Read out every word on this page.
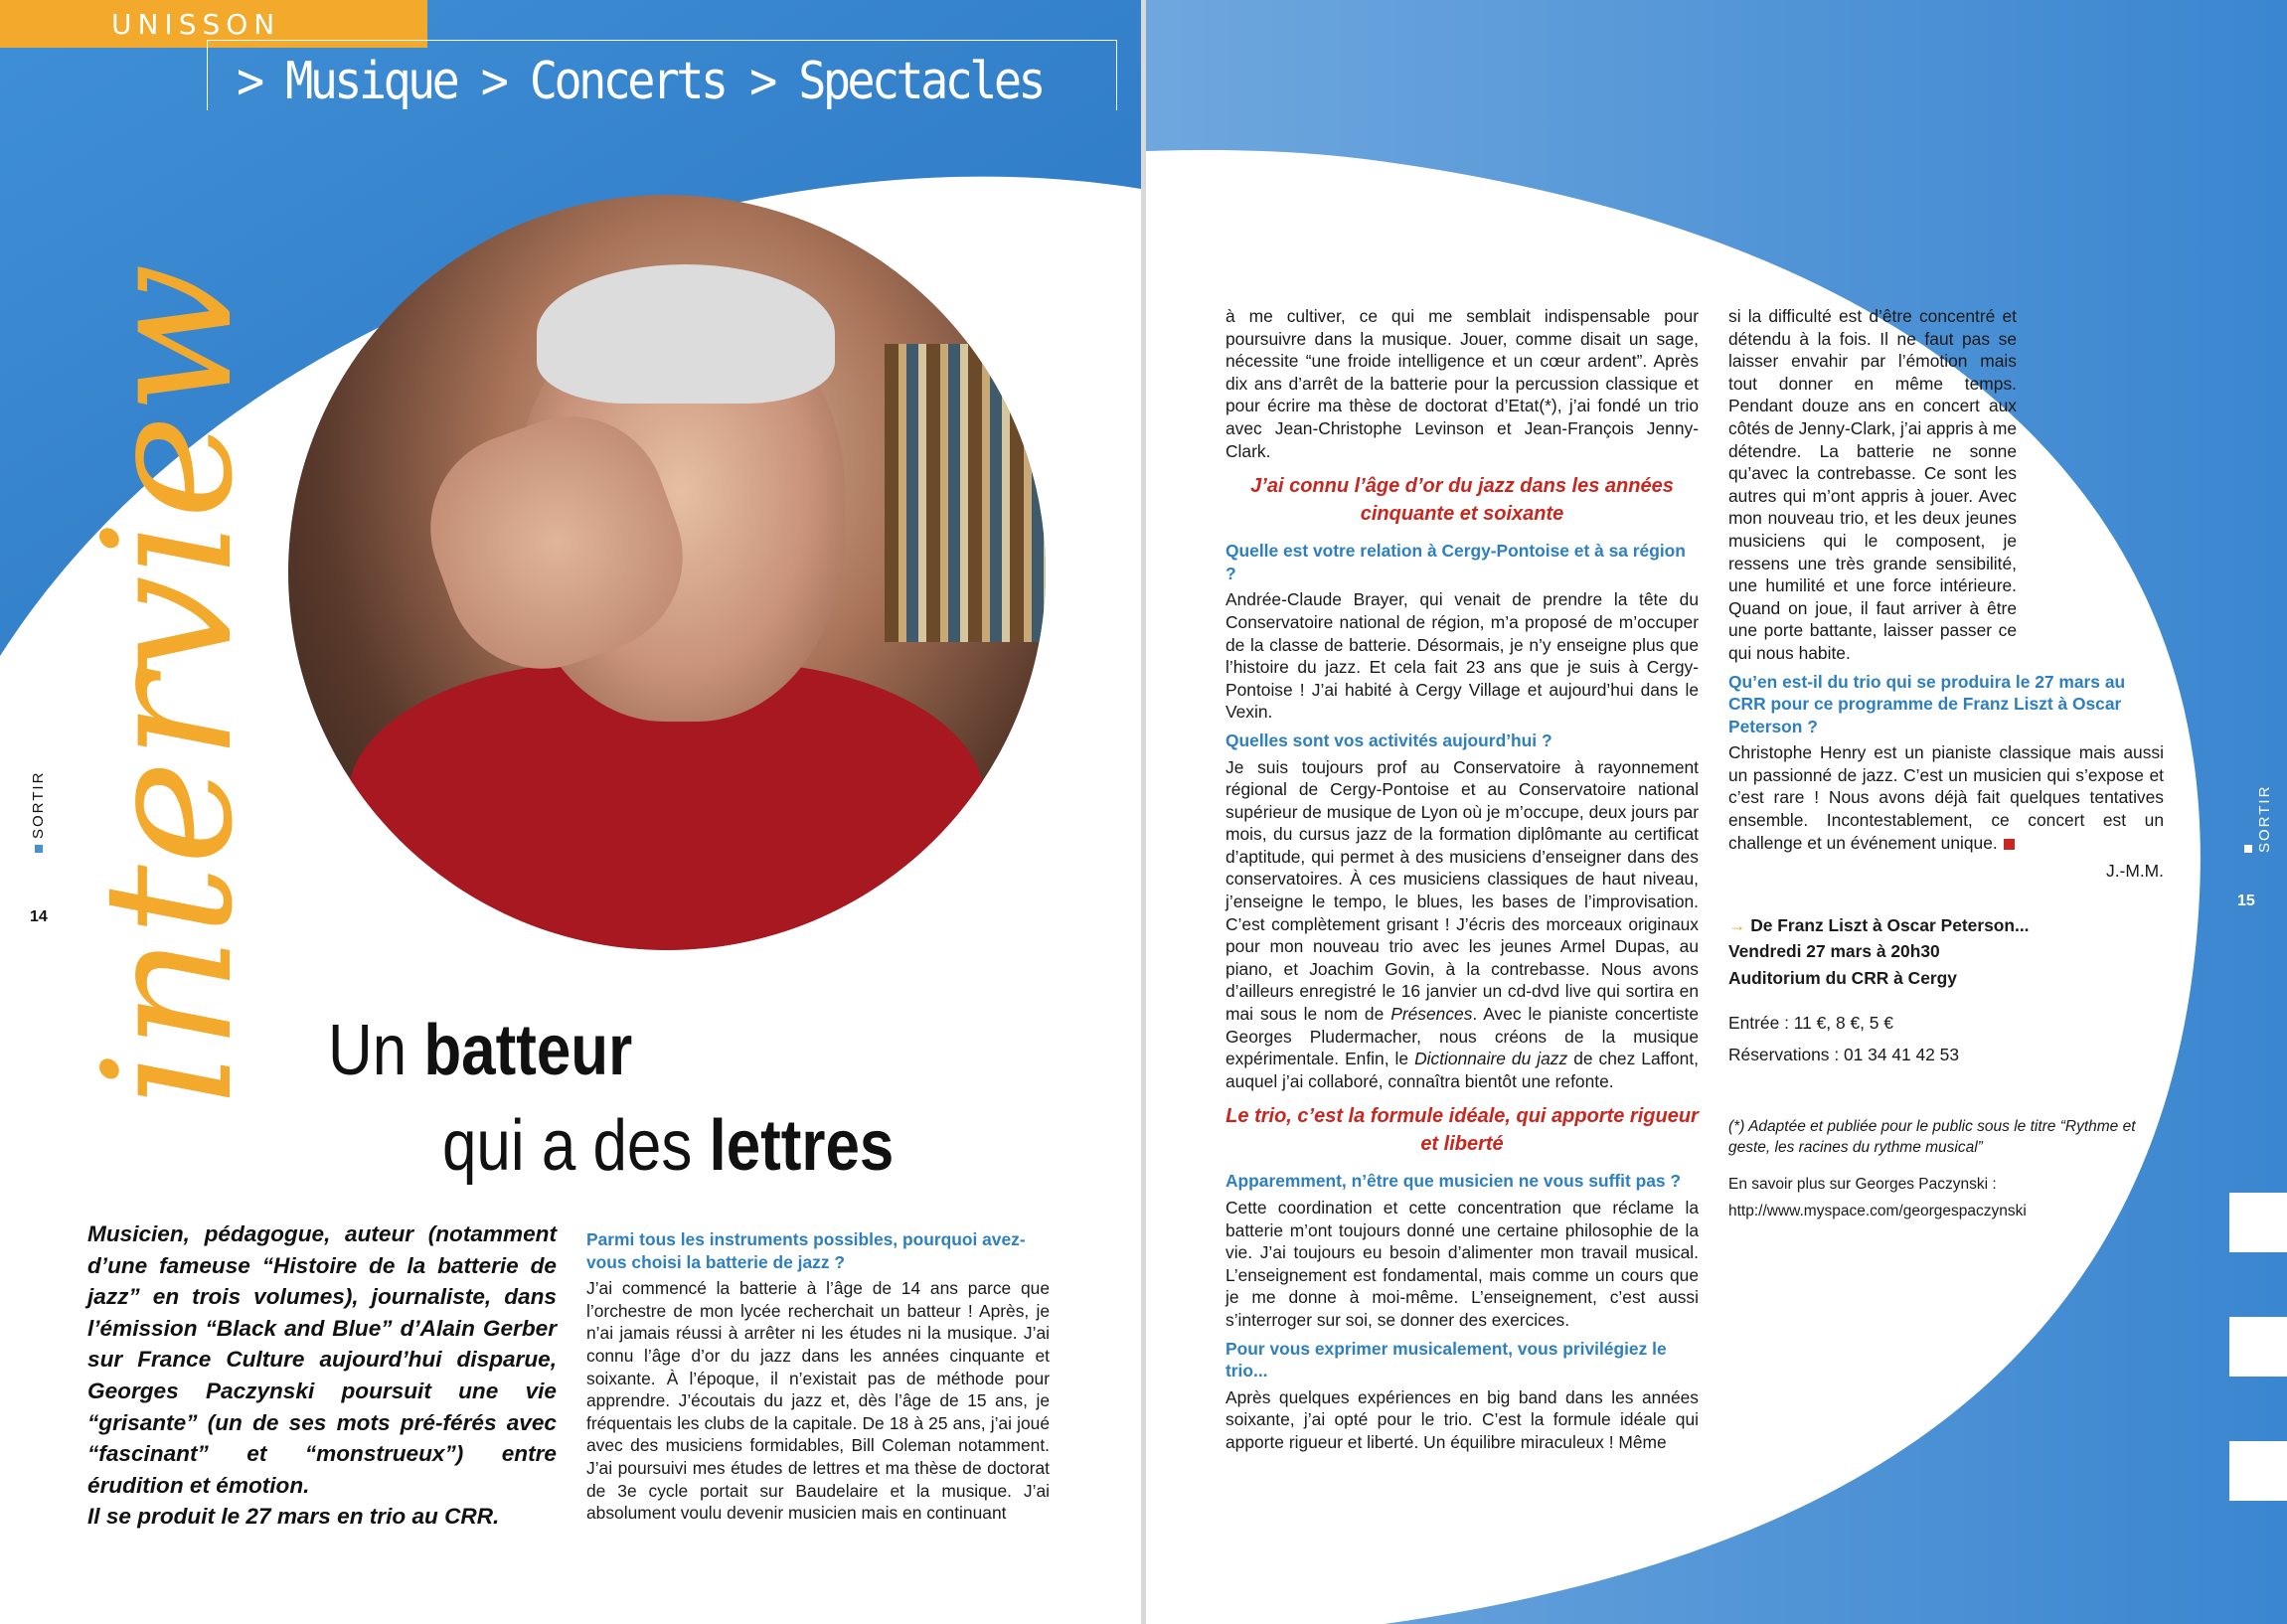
UNISSON
> Musique > Concerts > Spectacles
interview
SORTIR
14
Un batteur
qui a des lettres

Musicien, pédagogue, auteur (notamment d’une fameuse “Histoire de la batterie de jazz” en trois volumes), journaliste, dans l’émission “Black and Blue” d’Alain Gerber sur France Culture aujourd’hui disparue, Georges Paczynski poursuit une vie “grisante” (un de ses mots pré-férés avec “fascinant” et “monstrueux”) entre érudition et émotion.

Il se produit le 27 mars en trio au CRR.

Parmi tous les instruments possibles, pourquoi avez-vous choisi la batterie de jazz ?

J’ai commencé la batterie à l’âge de 14 ans parce que l’orchestre de mon lycée recherchait un batteur ! Après, je n’ai jamais réussi à arrêter ni les études ni la musique. J’ai connu l’âge d’or du jazz dans les années cinquante et soixante. À l’époque, il n’existait pas de méthode pour apprendre. J’écoutais du jazz et, dès l’âge de 15 ans, je fréquentais les clubs de la capitale. De 18 à 25 ans, j’ai joué avec des musiciens formidables, Bill Coleman notamment. J’ai poursuivi mes études de lettres et ma thèse de doctorat de 3e cycle portait sur Baudelaire et la musique. J’ai absolument voulu devenir musicien mais en continuant

SORTIR
15

à me cultiver, ce qui me semblait indispensable pour poursuivre dans la musique. Jouer, comme disait un sage, nécessite “une froide intelligence et un cœur ardent”. Après dix ans d’arrêt de la batterie pour la percussion classique et pour écrire ma thèse de doctorat d’Etat(*), j’ai fondé un trio avec Jean-Christophe Levinson et Jean-François Jenny-Clark.

J’ai connu l’âge d’or du jazz dans les années cinquante et soixante

Quelle est votre relation à Cergy-Pontoise et à sa région ?

Andrée-Claude Brayer, qui venait de prendre la tête du Conservatoire national de région, m’a proposé de m’occuper de la classe de batterie. Désormais, je n’y enseigne plus que l’histoire du jazz. Et cela fait 23 ans que je suis à Cergy-Pontoise ! J’ai habité à Cergy Village et aujourd’hui dans le Vexin.

Quelles sont vos activités aujourd’hui ?

Je suis toujours prof au Conservatoire à rayonnement régional de Cergy-Pontoise et au Conservatoire national supérieur de musique de Lyon où je m’occupe, deux jours par mois, du cursus jazz de la formation diplômante au certificat d’aptitude, qui permet à des musiciens d’enseigner dans des conservatoires. À ces musiciens classiques de haut niveau, j’enseigne le tempo, le blues, les bases de l’improvisation. C’est complètement grisant ! J’écris des morceaux originaux pour mon nouveau trio avec les jeunes Armel Dupas, au piano, et Joachim Govin, à la contrebasse. Nous avons d’ailleurs enregistré le 16 janvier un cd-dvd live qui sortira en mai sous le nom de Présences. Avec le pianiste concertiste Georges Pludermacher, nous créons de la musique expérimentale. Enfin, le Dictionnaire du jazz de chez Laffont, auquel j’ai collaboré, connaîtra bientôt une refonte.

Le trio, c’est la formule idéale, qui apporte rigueur et liberté

Apparemment, n’être que musicien ne vous suffit pas ?

Cette coordination et cette concentration que réclame la batterie m’ont toujours donné une certaine philosophie de la vie. J’ai toujours eu besoin d’alimenter mon travail musical. L’enseignement est fondamental, mais comme un cours que je me donne à moi-même. L’enseignement, c’est aussi s’interroger sur soi, se donner des exercices.

Pour vous exprimer musicalement, vous privilégiez le trio...

Après quelques expériences en big band dans les années soixante, j’ai opté pour le trio. C’est la formule idéale qui apporte rigueur et liberté. Un équilibre miraculeux ! Même

si la difficulté est d’être concentré et détendu à la fois. Il ne faut pas se laisser envahir par l’émotion mais tout donner en même temps. Pendant douze ans en concert aux côtés de Jenny-Clark, j’ai appris à me détendre. La batterie ne sonne qu’avec la contrebasse. Ce sont les autres qui m’ont appris à jouer. Avec mon nouveau trio, et les deux jeunes musiciens qui le composent, je ressens une très grande sensibilité, une humilité et une force intérieure. Quand on joue, il faut arriver à être une porte battante, laisser passer ce qui nous habite.

Qu’en est-il du trio qui se produira le 27 mars au CRR pour ce programme de Franz Liszt à Oscar Peterson ?

Christophe Henry est un pianiste classique mais aussi un passionné de jazz. C’est un musicien qui s’expose et c’est rare ! Nous avons déjà fait quelques tentatives ensemble. Incontestablement, ce concert est un challenge et un événement unique.

J.-M.M.

→ De Franz Liszt à Oscar Peterson...

Vendredi 27 mars à 20h30

Auditorium du CRR à Cergy

Entrée : 11 €, 8 €, 5 €

Réservations : 01 34 41 42 53

(*) Adaptée et publiée pour le public sous le titre “Rythme et geste, les racines du rythme musical”

En savoir plus sur Georges Paczynski :

http://www.myspace.com/georgespaczynski
